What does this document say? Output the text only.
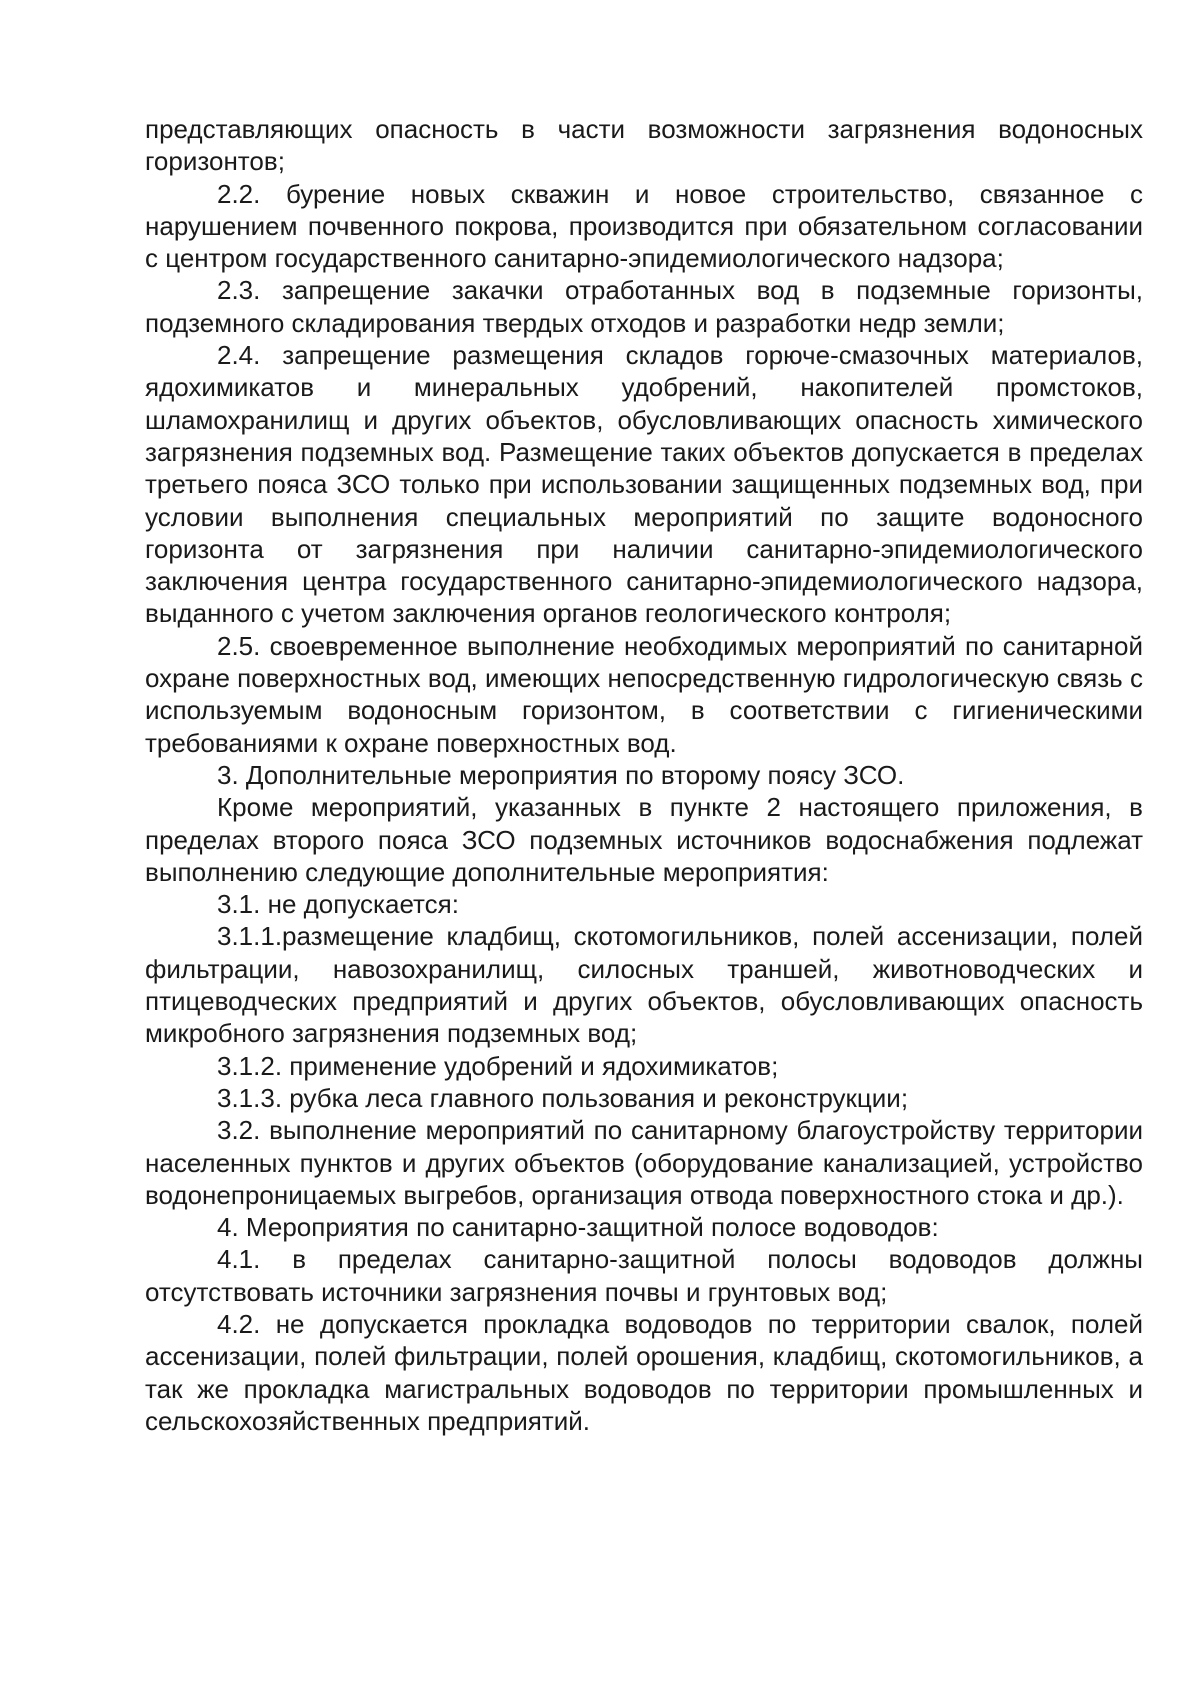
представляющих опасность в части возможности загрязнения водоносных горизонтов;

2.2. бурение новых скважин и новое строительство, связанное с нарушением почвенного покрова, производится при обязательном согласовании с центром государственного санитарно-эпидемиологического надзора;

2.3. запрещение закачки отработанных вод в подземные горизонты, подземного складирования твердых отходов и разработки недр земли;

2.4. запрещение размещения складов горюче-смазочных материалов, ядохимикатов и минеральных удобрений, накопителей промстоков, шламохранилищ и других объектов, обусловливающих опасность химического загрязнения подземных вод. Размещение таких объектов допускается в пределах третьего пояса ЗСО только при использовании защищенных подземных вод, при условии выполнения специальных мероприятий по защите водоносного горизонта от загрязнения при наличии санитарно-эпидемиологического заключения центра государственного санитарно-эпидемиологического надзора, выданного с учетом заключения органов геологического контроля;

2.5. своевременное выполнение необходимых мероприятий по санитарной охране поверхностных вод, имеющих непосредственную гидрологическую связь с используемым водоносным горизонтом, в соответствии с гигиеническими требованиями к охране поверхностных вод.

3. Дополнительные мероприятия по второму поясу ЗСО.

Кроме мероприятий, указанных в пункте 2 настоящего приложения, в пределах второго пояса ЗСО подземных источников водоснабжения подлежат выполнению следующие дополнительные мероприятия:

3.1. не допускается:

3.1.1.размещение кладбищ, скотомогильников, полей ассенизации, полей фильтрации, навозохранилищ, силосных траншей, животноводческих и птицеводческих предприятий и других объектов, обусловливающих опасность микробного загрязнения подземных вод;

3.1.2. применение удобрений и ядохимикатов;

3.1.3. рубка леса главного пользования и реконструкции;

3.2. выполнение мероприятий по санитарному благоустройству территории населенных пунктов и других объектов (оборудование канализацией, устройство водонепроницаемых выгребов, организация отвода поверхностного стока и др.).

4. Мероприятия по санитарно-защитной полосе водоводов:

4.1. в пределах санитарно-защитной полосы водоводов должны отсутствовать источники загрязнения почвы и грунтовых вод;

4.2. не допускается прокладка водоводов по территории свалок, полей ассенизации, полей фильтрации, полей орошения, кладбищ, скотомогильников, а так же прокладка магистральных водоводов по территории промышленных и сельскохозяйственных предприятий.
